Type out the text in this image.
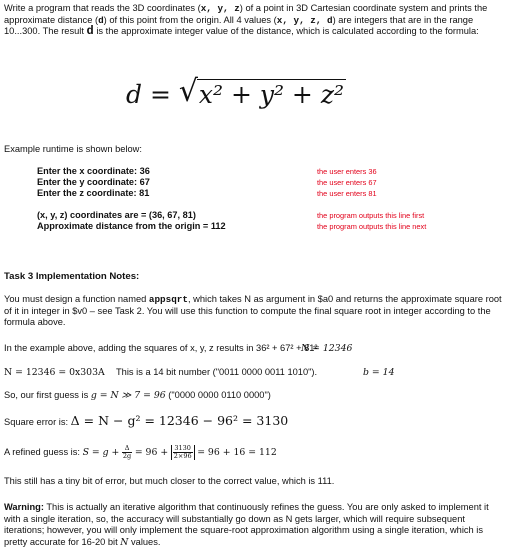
Write a program that reads the 3D coordinates (x, y, z) of a point in 3D Cartesian coordinate system and prints the approximate distance (d) of this point from the origin. All 4 values (x, y, z, d) are integers that are in the range 10...300. The result d is the approximate integer value of the distance, which is calculated according to the formula:
d = √ x² + y² + z²
Example runtime is shown below:
Enter the x coordinate: 36
Enter the y coordinate: 67
Enter the z coordinate: 81
(x, y, z) coordinates are = (36, 67, 81)
Approximate distance from the origin = 112
the user enters 36
the user enters 67
the user enters 81
the program outputs this line first
the program outputs this line next
Task 3 Implementation Notes:
You must design a function named appsqrt, which takes N as argument in $a0 and returns the approximate square root of it in integer in $v0 – see Task 2. You will use this function to compute the final square root in integer according to the formula above.
In the example above, adding the squares of x, y, z results in 36² + 67² + 81²
N = 12346
N = 12346 = 0x303A This is a 14 bit number ("0011 0000 0011 1010").	b = 14
So, our first guess is g = N ≫ 7 = 96 ("0000 0000 0110 0000")
Square error is: Δ = N − g² = 12346 − 96² = 3130
A refined guess is: $S = g + \frac{\Delta}{2g} = 96 + \frac{3130}{2\times 96} = 96 + 16 = 112$
This still has a tiny bit of error, but much closer to the correct value, which is 111.
Warning: This is actually an iterative algorithm that continuously refines the guess. You are only asked to implement it with a single iteration, so, the accuracy will substantially go down as N gets larger, which will require subsequent iterations; however, you will only implement the square-root approximation algorithm using a single iteration, which is pretty accurate for 16-20 bit N values.
